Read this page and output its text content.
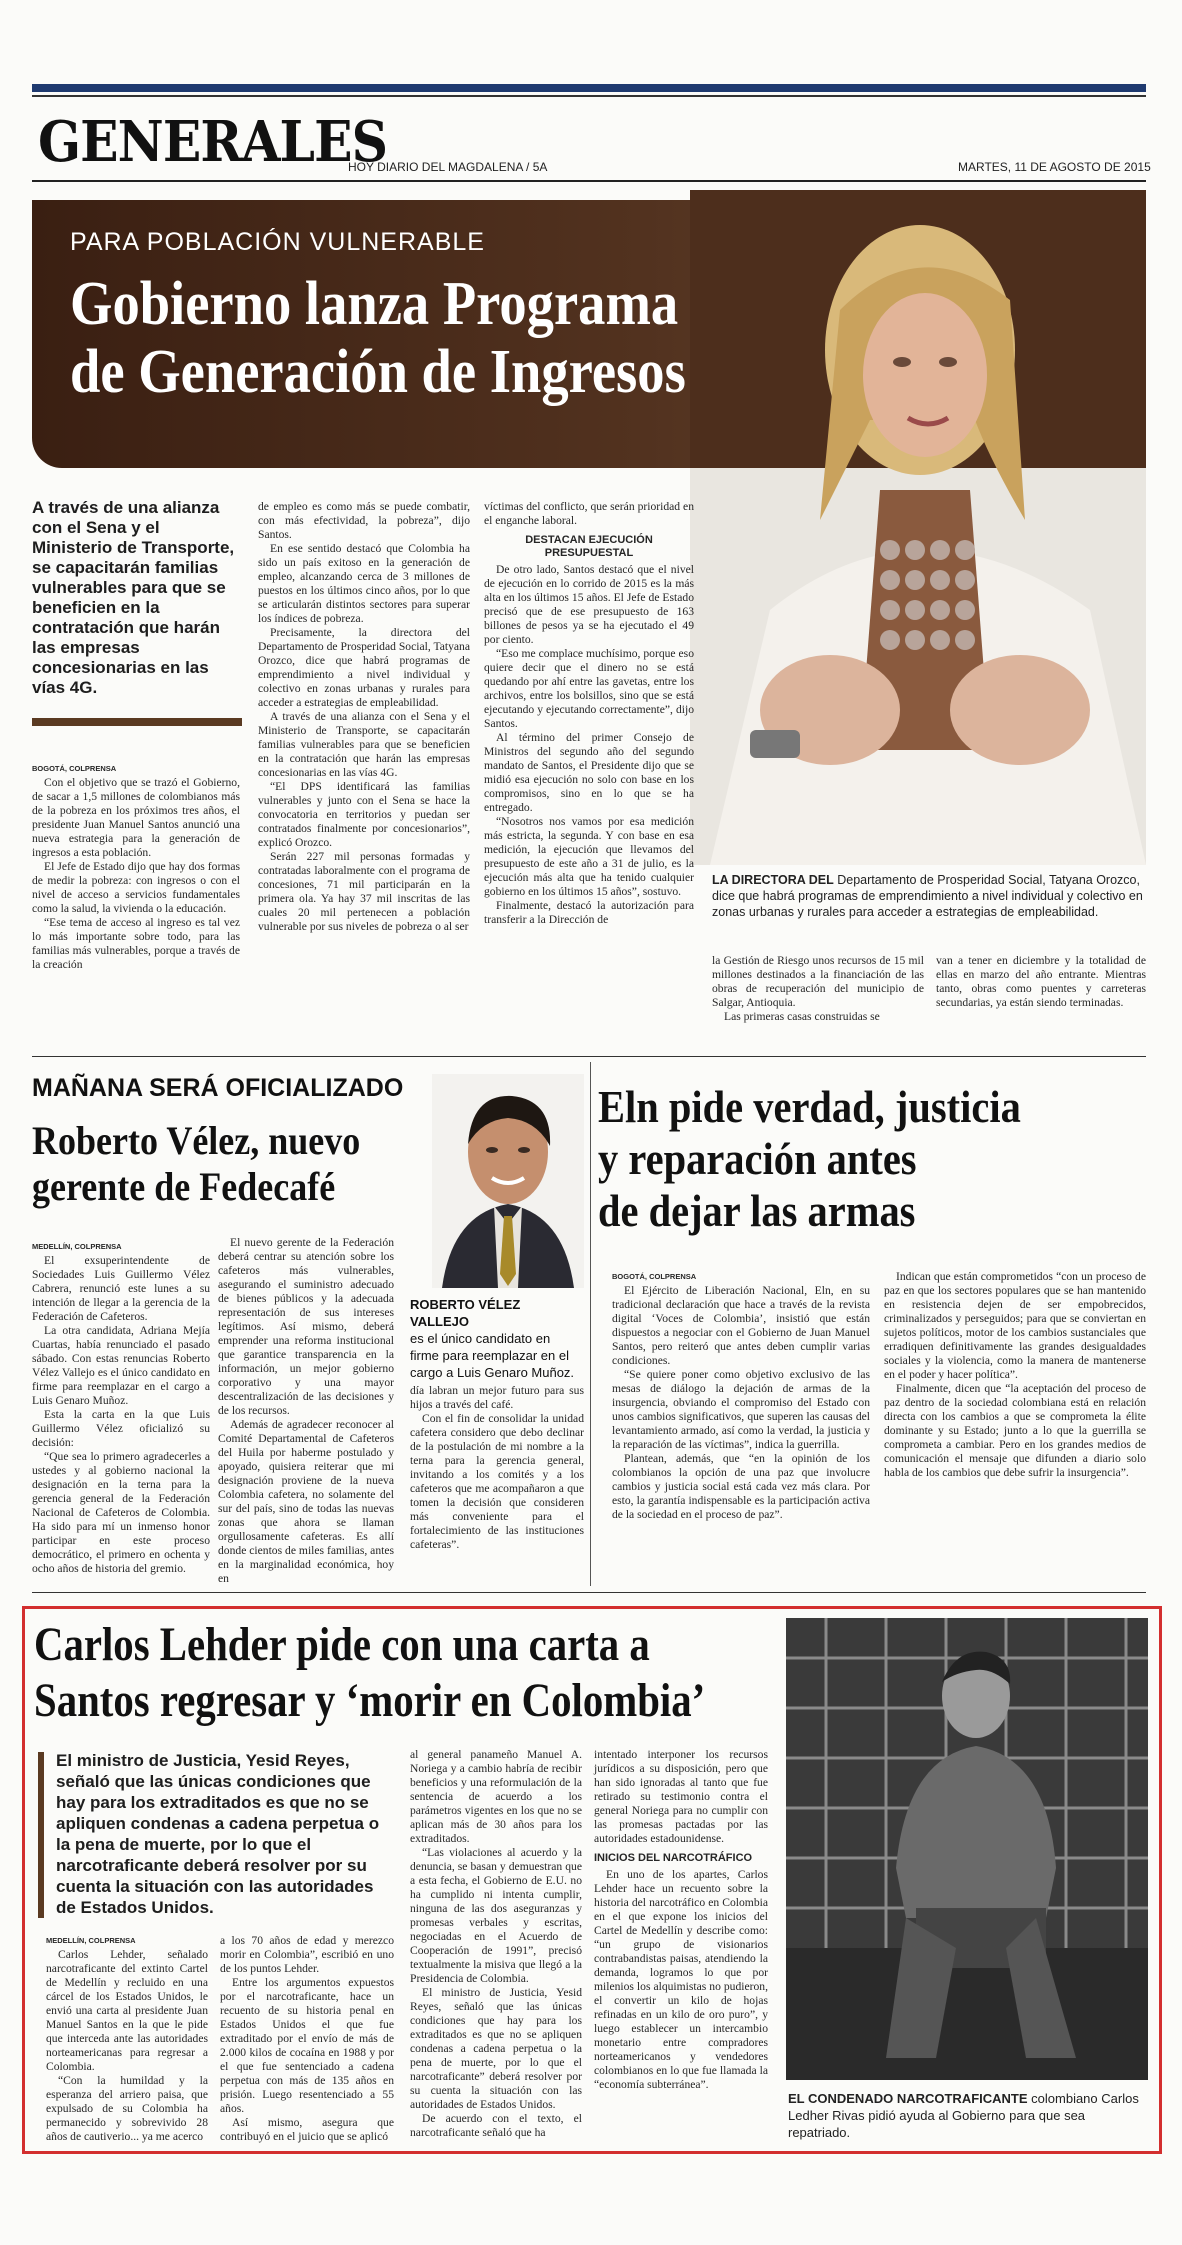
GENERALES
HOY DIARIO DEL MAGDALENA / 5A	MARTES, 11 DE AGOSTO DE 2015
PARA POBLACIÓN VULNERABLE
Gobierno lanza Programa
de Generación de Ingresos
A través de una alianza con el Sena y el Ministerio de Transporte, se capacitarán familias vulnerables para que se beneficien en la contratación que harán las empresas concesionarias en las vías 4G.

BOGOTÁ, COLPRENSA

Con el objetivo que se trazó el Gobierno, de sacar a 1,5 millones de colombianos más de la pobreza en los próximos tres años, el presidente Juan Manuel Santos anunció una nueva estrategia para la generación de ingresos a esta población.

El Jefe de Estado dijo que hay dos formas de medir la pobreza: con ingresos o con el nivel de acceso a servicios fundamentales como la salud, la vivienda o la educación.

“Ese tema de acceso al ingreso es tal vez lo más importante sobre todo, para las familias más vulnerables, porque a través de la creación

de empleo es como más se puede combatir, con más efectividad, la pobreza”, dijo Santos.

En ese sentido destacó que Colombia ha sido un país exitoso en la generación de empleo, alcanzando cerca de 3 millones de puestos en los últimos cinco años, por lo que se articularán distintos sectores para superar los índices de pobreza.

Precisamente, la directora del Departamento de Prosperidad Social, Tatyana Orozco, dice que habrá programas de emprendimiento a nivel individual y colectivo en zonas urbanas y rurales para acceder a estrategias de empleabilidad.

A través de una alianza con el Sena y el Ministerio de Transporte, se capacitarán familias vulnerables para que se beneficien en la contratación que harán las empresas concesionarias en las vías 4G.

“El DPS identificará las familias vulnerables y junto con el Sena se hace la convocatoria en territorios y puedan ser contratados finalmente por concesionarios”, explicó Orozco.

Serán 227 mil personas formadas y contratadas laboralmente con el programa de concesiones, 71 mil participarán en la primera ola. Ya hay 37 mil inscritas de las cuales 20 mil pertenecen a población vulnerable por sus niveles de pobreza o al ser

víctimas del conflicto, que serán prioridad en el enganche laboral.

DESTACAN EJECUCIÓN PRESUPUESTAL

De otro lado, Santos destacó que el nivel de ejecución en lo corrido de 2015 es la más alta en los últimos 15 años. El Jefe de Estado precisó que de ese presupuesto de 163 billones de pesos ya se ha ejecutado el 49 por ciento.

“Eso me complace muchísimo, porque eso quiere decir que el dinero no se está quedando por ahí entre las gavetas, entre los archivos, entre los bolsillos, sino que se está ejecutando y ejecutando correctamente”, dijo Santos.

Al término del primer Consejo de Ministros del segundo año del segundo mandato de Santos, el Presidente dijo que se midió esa ejecución no solo con base en los compromisos, sino en lo que se ha entregado.

“Nosotros nos vamos por esa medición más estricta, la segunda. Y con base en esa medición, la ejecución que llevamos del presupuesto de este año a 31 de julio, es la ejecución más alta que ha tenido cualquier gobierno en los últimos 15 años”, sostuvo.

Finalmente, destacó la autorización para transferir a la Dirección de

LA DIRECTORA DEL Departamento de Prosperidad Social, Tatyana Orozco, dice que habrá programas de emprendimiento a nivel individual y colectivo en zonas urbanas y rurales para acceder a estrategias de empleabilidad.

la Gestión de Riesgo unos recursos de 15 mil millones destinados a la financiación de las obras de recuperación del municipio de Salgar, Antioquia.

Las primeras casas construidas se

van a tener en diciembre y la totalidad de ellas en marzo del año entrante. Mientras tanto, obras como puentes y carreteras secundarias, ya están siendo terminadas.

MAÑANA SERÁ OFICIALIZADO
Roberto Vélez, nuevo
gerente de Fedecafé

MEDELLÍN, COLPRENSA

El exsuperintendente de Sociedades Luis Guillermo Vélez Cabrera, renunció este lunes a su intención de llegar a la gerencia de la Federación de Cafeteros.

La otra candidata, Adriana Mejía Cuartas, había renunciado el pasado sábado. Con estas renuncias Roberto Vélez Vallejo es el único candidato en firme para reemplazar en el cargo a Luis Genaro Muñoz.

Esta la carta en la que Luis Guillermo Vélez oficializó su decisión:

“Que sea lo primero agradecerles a ustedes y al gobierno nacional la designación en la terna para la gerencia general de la Federación Nacional de Cafeteros de Colombia. Ha sido para mí un inmenso honor participar en este proceso democrático, el primero en ochenta y ocho años de historia del gremio.

El nuevo gerente de la Federación deberá centrar su atención sobre los cafeteros más vulnerables, asegurando el suministro adecuado de bienes públicos y la adecuada representación de sus intereses legítimos. Así mismo, deberá emprender una reforma institucional que garantice transparencia en la información, un mejor gobierno corporativo y una mayor descentralización de las decisiones y de los recursos.

Además de agradecer reconocer al Comité Departamental de Cafeteros del Huila por haberme postulado y apoyado, quisiera reiterar que mi designación proviene de la nueva Colombia cafetera, no solamente del sur del país, sino de todas las nuevas zonas que ahora se llaman orgullosamente cafeteras. Es allí donde cientos de miles familias, antes en la marginalidad económica, hoy en

ROBERTO VÉLEZ VALLEJO
es el único candidato en firme para reemplazar en el cargo a Luis Genaro Muñoz.

día labran un mejor futuro para sus hijos a través del café.

Con el fin de consolidar la unidad cafetera considero que debo declinar de la postulación de mi nombre a la terna para la gerencia general, invitando a los comités y a los cafeteros que me acompañaron a que tomen la decisión que consideren más conveniente para el fortalecimiento de las instituciones cafeteras”.

Eln pide verdad, justicia
y reparación antes
de dejar las armas

BOGOTÁ, COLPRENSA

El Ejército de Liberación Nacional, Eln, en su tradicional declaración que hace a través de la revista digital ‘Voces de Colombia’, insistió que están dispuestos a negociar con el Gobierno de Juan Manuel Santos, pero reiteró que antes deben cumplir varias condiciones.

“Se quiere poner como objetivo exclusivo de las mesas de diálogo la dejación de armas de la insurgencia, obviando el compromiso del Estado con unos cambios significativos, que superen las causas del levantamiento armado, así como la verdad, la justicia y la reparación de las víctimas”, indica la guerrilla.

Plantean, además, que “en la opinión de los colombianos la opción de una paz que involucre cambios y justicia social está cada vez más clara. Por esto, la garantía indispensable es la participación activa de la sociedad en el proceso de paz”.

Indican que están comprometidos “con un proceso de paz en que los sectores populares que se han mantenido en resistencia dejen de ser empobrecidos, criminalizados y perseguidos; para que se conviertan en sujetos políticos, motor de los cambios sustanciales que erradiquen definitivamente las grandes desigualdades sociales y la violencia, como la manera de mantenerse en el poder y hacer política”.

Finalmente, dicen que “la aceptación del proceso de paz dentro de la sociedad colombiana está en relación directa con los cambios a que se comprometa la élite dominante y su Estado; junto a lo que la guerrilla se comprometa a cambiar. Pero en los grandes medios de comunicación el mensaje que difunden a diario solo habla de los cambios que debe sufrir la insurgencia”.

Carlos Lehder pide con una carta a
Santos regresar y ‘morir en Colombia’
El ministro de Justicia, Yesid Reyes, señaló que las únicas condiciones que hay para los extraditados es que no se apliquen condenas a cadena perpetua o la pena de muerte, por lo que el narcotraficante deberá resolver por su cuenta la situación con las autoridades de Estados Unidos.

MEDELLÍN, COLPRENSA

Carlos Lehder, señalado narcotraficante del extinto Cartel de Medellín y recluido en una cárcel de los Estados Unidos, le envió una carta al presidente Juan Manuel Santos en la que le pide que interceda ante las autoridades norteamericanas para regresar a Colombia.

“Con la humildad y la esperanza del arriero paisa, que expulsado de su Colombia ha permanecido y sobrevivido 28 años de cautiverio... ya me acerco

a los 70 años de edad y merezco morir en Colombia”, escribió en uno de los puntos Lehder.

Entre los argumentos expuestos por el narcotraficante, hace un recuento de su historia penal en Estados Unidos el que fue extraditado por el envío de más de 2.000 kilos de cocaína en 1988 y por el que fue sentenciado a cadena perpetua con más de 135 años en prisión. Luego resentenciado a 55 años.

Así mismo, asegura que contribuyó en el juicio que se aplicó

al general panameño Manuel A. Noriega y a cambio habría de recibir beneficios y una reformulación de la sentencia de acuerdo a los parámetros vigentes en los que no se aplican más de 30 años para los extraditados.

“Las violaciones al acuerdo y la denuncia, se basan y demuestran que a esta fecha, el Gobierno de E.U. no ha cumplido ni intenta cumplir, ninguna de las dos aseguranzas y promesas verbales y escritas, negociadas en el Acuerdo de Cooperación de 1991”, precisó textualmente la misiva que llegó a la Presidencia de Colombia.

El ministro de Justicia, Yesid Reyes, señaló que las únicas condiciones que hay para los extraditados es que no se apliquen condenas a cadena perpetua o la pena de muerte, por lo que el narcotraficante” deberá resolver por su cuenta la situación con las autoridades de Estados Unidos.

De acuerdo con el texto, el narcotraficante señaló que ha

intentado interponer los recursos jurídicos a su disposición, pero que han sido ignoradas al tanto que fue retirado su testimonio contra el general Noriega para no cumplir con las promesas pactadas por las autoridades estadounidense.

INICIOS DEL NARCOTRÁFICO

En uno de los apartes, Carlos Lehder hace un recuento sobre la historia del narcotráfico en Colombia en el que expone los inicios del Cartel de Medellín y describe como: “un grupo de visionarios contrabandistas paisas, atendiendo la demanda, logramos lo que por milenios los alquimistas no pudieron, el convertir un kilo de hojas refinadas en un kilo de oro puro”, y luego establecer un intercambio monetario entre compradores norteamericanos y vendedores colombianos en lo que fue llamada la “economía subterránea”.

EL CONDENADO NARCOTRAFICANTE colombiano Carlos Ledher Rivas pidió ayuda al Gobierno para que sea repatriado.
